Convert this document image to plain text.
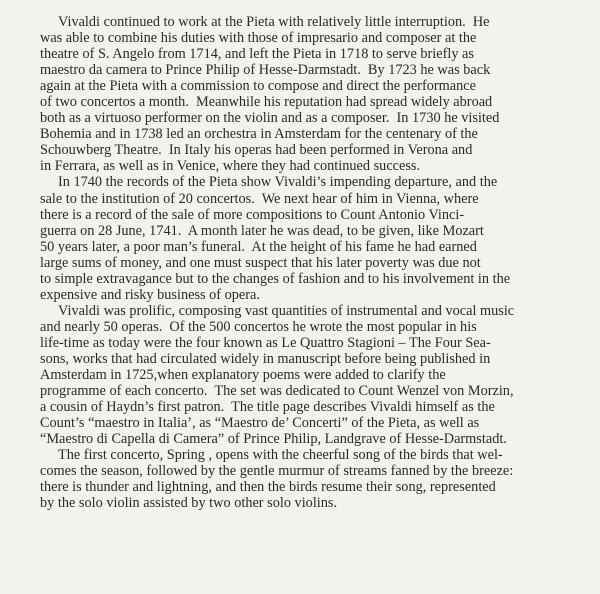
Vivaldi continued to work at the Pieta with relatively little interruption.  He
was able to combine his duties with those of impresario and composer at the
theatre of S. Angelo from 1714, and left the Pieta in 1718 to serve briefly as
maestro da camera to Prince Philip of Hesse-Darmstadt.  By 1723 he was back
again at the Pieta with a commission to compose and direct the performance
of two concertos a month.  Meanwhile his reputation had spread widely abroad
both as a virtuoso performer on the violin and as a composer.  In 1730 he visited
Bohemia and in 1738 led an orchestra in Amsterdam for the centenary of the
Schouwberg Theatre.  In Italy his operas had been performed in Verona and
in Ferrara, as well as in Venice, where they had continued success.
In 1740 the records of the Pieta show Vivaldi’s impending departure, and the
sale to the institution of 20 concertos.  We next hear of him in Vienna, where
there is a record of the sale of more compositions to Count Antonio Vinci-
guerra on 28 June, 1741.  A month later he was dead, to be given, like Mozart
50 years later, a poor man’s funeral.  At the height of his fame he had earned
large sums of money, and one must suspect that his later poverty was due not
to simple extravagance but to the changes of fashion and to his involvement in the
expensive and risky business of opera.
Vivaldi was prolific, composing vast quantities of instrumental and vocal music
and nearly 50 operas.  Of the 500 concertos he wrote the most popular in his
life-time as today were the four known as Le Quattro Stagioni – The Four Sea-
sons, works that had circulated widely in manuscript before being published in
Amsterdam in 1725,when explanatory poems were added to clarify the
programme of each concerto.  The set was dedicated to Count Wenzel von Morzin,
a cousin of Haydn’s first patron.  The title page describes Vivaldi himself as the
Count’s “maestro in Italia’, as “Maestro de’ Concerti” of the Pieta, as well as
“Maestro di Capella di Camera” of Prince Philip, Landgrave of Hesse-Darmstadt.
The first concerto, Spring , opens with the cheerful song of the birds that wel-
comes the season, followed by the gentle murmur of streams fanned by the breeze:
there is thunder and lightning, and then the birds resume their song, represented
by the solo violin assisted by two other solo violins.
